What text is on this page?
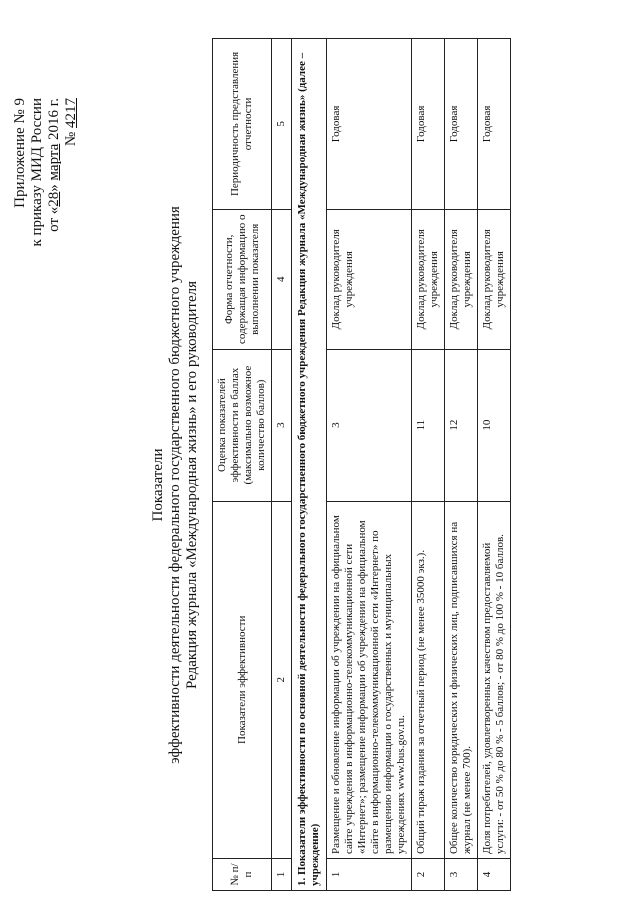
Приложение № 9 к приказу МИД России от «28» марта 2016 г. № 4217
Показатели эффективности деятельности федерального государственного бюджетного учреждения Редакция журнала «Международная жизнь» и его руководителя
№ п/п	Показатели эффективности	Оценка показателей эффективности в баллах (максимально возможное количество баллов)	Форма отчетности, содержащая информацию о выполнении показателя	Периодичность представления отчетности
1	2	3	4	5
1. Показатели эффективности по основной деятельности федерального государственного бюджетного учреждения Редакция журнала «Международная жизнь» (далее – учреждение)				
1	Размещение и обновление информации об учреждении на официальном сайте учреждения в информационно-телекоммуникационной сети «Интернет»; размещение информации об учреждении на официальном сайте в информационно-телекоммуникационной сети «Интернет» по размещению информации о государственных и муниципальных учреждениях www.bus.gov.ru.	3	Доклад руководителя учреждения	Годовая
2	Общий тираж издания за отчетный период (не менее 35000 экз.).	11	Доклад руководителя учреждения	Годовая
3	Общее количество юридических и физических лиц, подписавшихся на журнал (не менее 700).	12	Доклад руководителя учреждения	Годовая
4	Доля потребителей, удовлетворенных качеством предоставляемой услуги: - от 50 % до 80 % - 5 баллов; - от 80 % до 100 % - 10 баллов.	10	Доклад руководителя учреждения	Годовая
